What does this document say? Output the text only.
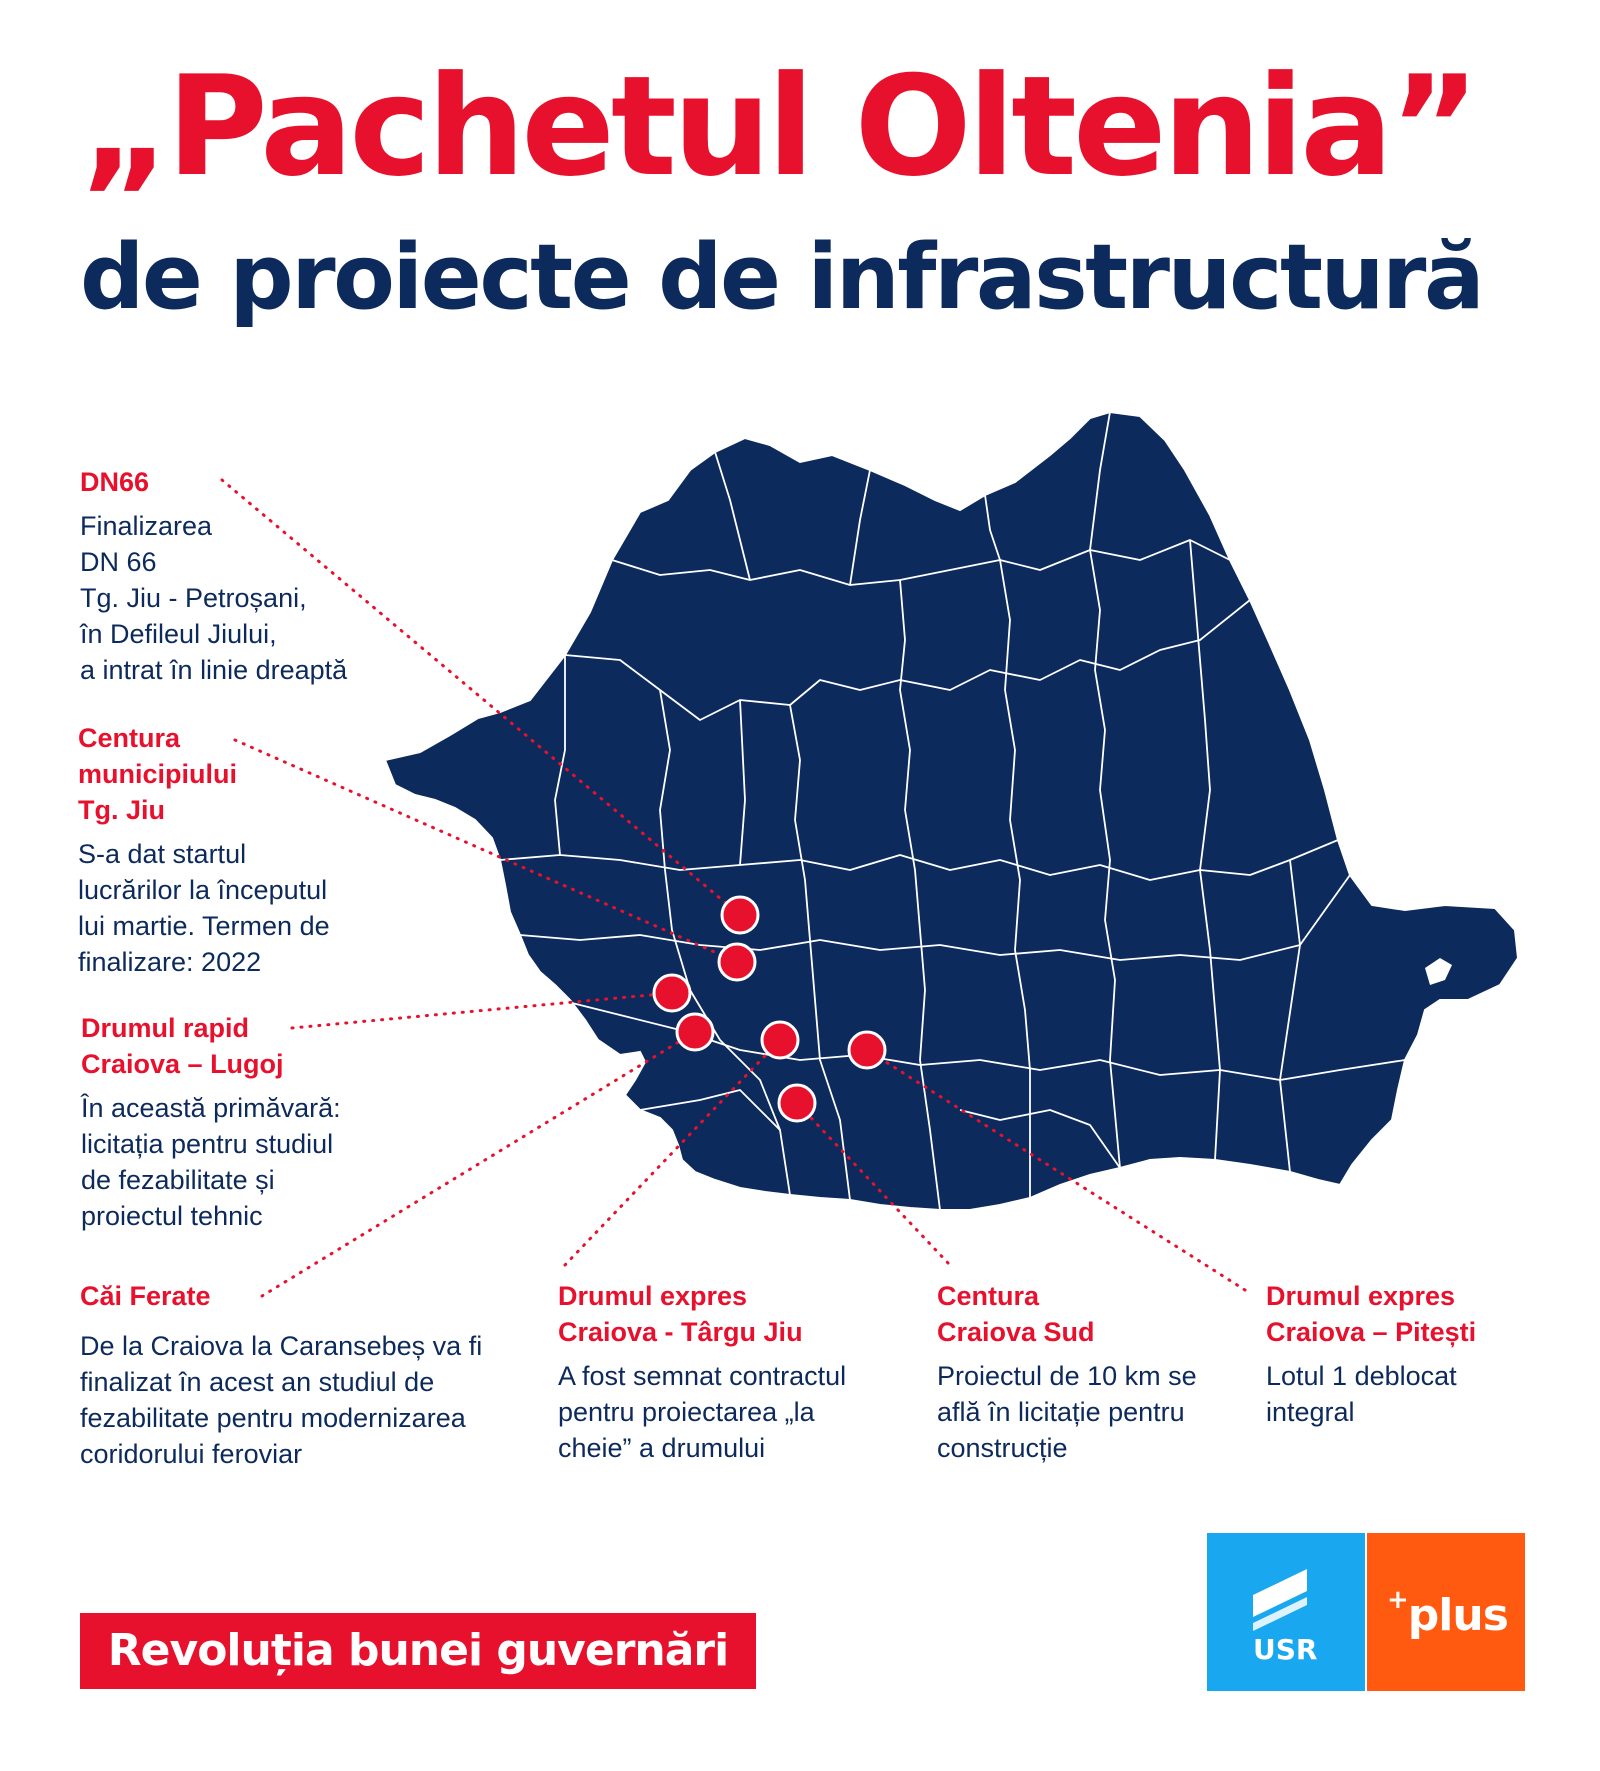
„Pachetul Oltenia”
de proiecte de infrastructură
DN66
Finalizarea
DN 66
Tg. Jiu - Petroșani,
în Defileul Jiului,
a intrat în linie dreaptă
Centura
municipiului
Tg. Jiu
S-a dat startul
lucrărilor la începutul
lui martie. Termen de
finalizare: 2022
Drumul rapid
Craiova – Lugoj
În această primăvară:
licitația pentru studiul
de fezabilitate și
proiectul tehnic
Căi Ferate
De la Craiova la Caransebeș va fi
finalizat în acest an studiul de
fezabilitate pentru modernizarea
coridorului feroviar
Drumul expres
Craiova - Târgu Jiu
A fost semnat contractul
pentru proiectarea „la
cheie” a drumului
Centura
Craiova Sud
Proiectul de 10 km se
află în licitație pentru
construcție
Drumul expres
Craiova – Pitești
Lotul 1 deblocat
integral
Revoluția bunei guvernări	USR
+plus
